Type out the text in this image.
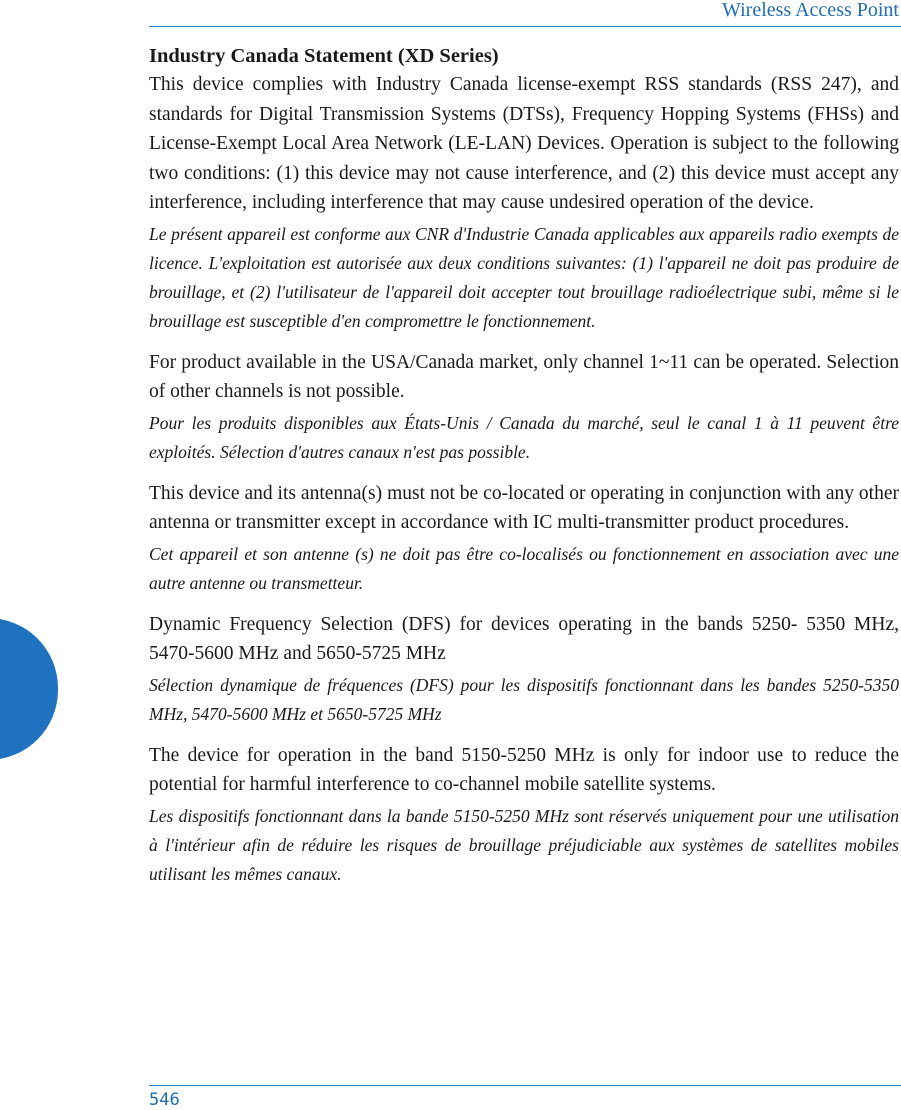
Wireless Access Point
Industry Canada Statement (XD Series)

This device complies with Industry Canada license-exempt RSS standards (RSS 247), and standards for Digital Transmission Systems (DTSs), Frequency Hopping Systems (FHSs) and License-Exempt Local Area Network (LE-LAN) Devices. Operation is subject to the following two conditions: (1) this device may not cause interference, and (2) this device must accept any interference, including interference that may cause undesired operation of the device.

Le présent appareil est conforme aux CNR d'Industrie Canada applicables aux appareils radio exempts de licence. L'exploitation est autorisée aux deux conditions suivantes: (1) l'appareil ne doit pas produire de brouillage, et (2) l'utilisateur de l'appareil doit accepter tout brouillage radioélectrique subi, même si le brouillage est susceptible d'en compromettre le fonctionnement.

For product available in the USA/Canada market, only channel 1~11 can be operated. Selection of other channels is not possible.

Pour les produits disponibles aux États-Unis / Canada du marché, seul le canal 1 à 11 peuvent être exploités. Sélection d'autres canaux n'est pas possible.

This device and its antenna(s) must not be co-located or operating in conjunction with any other antenna or transmitter except in accordance with IC multi-transmitter product procedures.

Cet appareil et son antenne (s) ne doit pas être co-localisés ou fonctionnement en association avec une autre antenne ou transmetteur.

Dynamic Frequency Selection (DFS) for devices operating in the bands 5250- 5350 MHz, 5470-5600 MHz and 5650-5725 MHz

Sélection dynamique de fréquences (DFS) pour les dispositifs fonctionnant dans les bandes 5250-5350 MHz, 5470-5600 MHz et 5650-5725 MHz

The device for operation in the band 5150-5250 MHz is only for indoor use to reduce the potential for harmful interference to co-channel mobile satellite systems.

Les dispositifs fonctionnant dans la bande 5150-5250 MHz sont réservés uniquement pour une utilisation à l'intérieur afin de réduire les risques de brouillage préjudiciable aux systèmes de satellites mobiles utilisant les mêmes canaux.

546
